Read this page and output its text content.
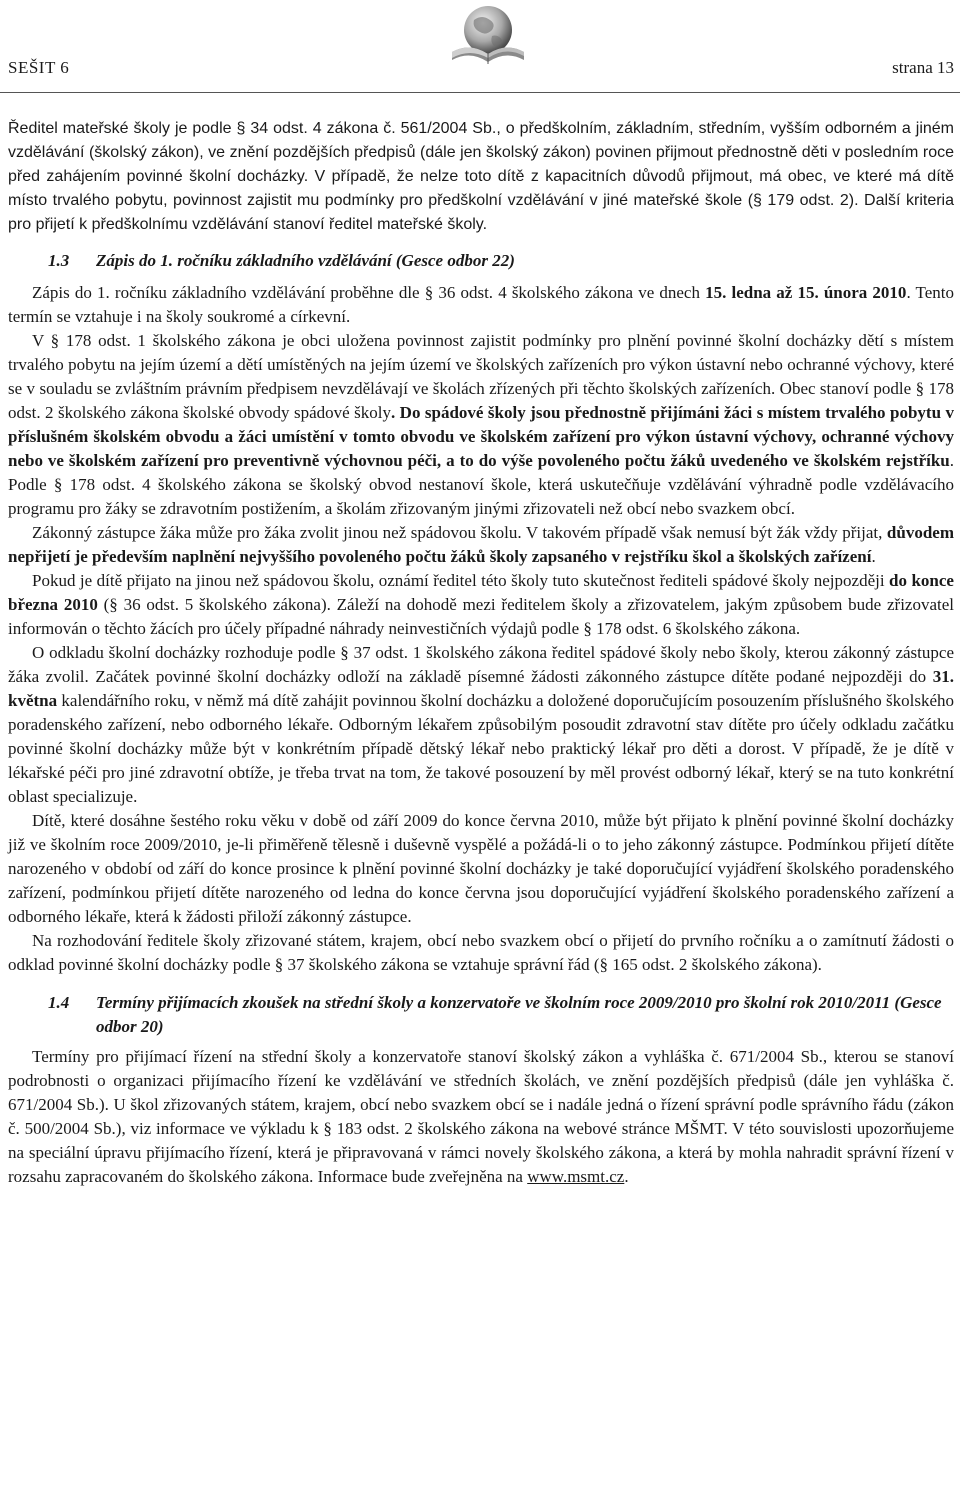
SEŠIT 6	strana 13

Ředitel mateřské školy je podle § 34 odst. 4 zákona č. 561/2004 Sb., o předškolním, základním, středním, vyšším odborném a jiném vzdělávání (školský zákon), ve znění pozdějších předpisů (dále jen školský zákon) povinen přijmout přednostně děti v posledním roce před zahájením povinné školní docházky. V případě, že nelze toto dítě z kapacitních důvodů přijmout, má obec, ve které má dítě místo trvalého pobytu, povinnost zajistit mu podmínky pro předškolní vzdělávání v jiné mateřské škole (§ 179 odst. 2). Další kriteria pro přijetí k předškolnímu vzdělávání stanoví ředitel mateřské školy.

1.3 Zápis do 1. ročníku základního vzdělávání (Gesce odbor 22)

Zápis do 1. ročníku základního vzdělávání proběhne dle § 36 odst. 4 školského zákona ve dnech 15. ledna až 15. února 2010. Tento termín se vztahuje i na školy soukromé a církevní.

V § 178 odst. 1 školského zákona je obci uložena povinnost zajistit podmínky pro plnění povinné školní docházky dětí s místem trvalého pobytu na jejím území a dětí umístěných na jejím území ve školských zařízeních pro výkon ústavní nebo ochranné výchovy, které se v souladu se zvláštním právním předpisem nevzdělávají ve školách zřízených při těchto školských zařízeních. Obec stanoví podle § 178 odst. 2 školského zákona školské obvody spádové školy. Do spádové školy jsou přednostně přijímáni žáci s místem trvalého pobytu v příslušném školském obvodu a žáci umístění v tomto obvodu ve školském zařízení pro výkon ústavní výchovy, ochranné výchovy nebo ve školském zařízení pro preventivně výchovnou péči, a to do výše povoleného počtu žáků uvedeného ve školském rejstříku. Podle § 178 odst. 4 školského zákona se školský obvod nestanoví škole, která uskutečňuje vzdělávání výhradně podle vzdělávacího programu pro žáky se zdravotním postižením, a školám zřizovaným jinými zřizovateli než obcí nebo svazkem obcí.

Zákonný zástupce žáka může pro žáka zvolit jinou než spádovou školu. V takovém případě však nemusí být žák vždy přijat, důvodem nepřijetí je především naplnění nejvyššího povoleného počtu žáků školy zapsaného v rejstříku škol a školských zařízení.

Pokud je dítě přijato na jinou než spádovou školu, oznámí ředitel této školy tuto skutečnost řediteli spádové školy nejpozději do konce března 2010 (§ 36 odst. 5 školského zákona). Záleží na dohodě mezi ředitelem školy a zřizovatelem, jakým způsobem bude zřizovatel informován o těchto žácích pro účely případné náhrady neinvestičních výdajů podle § 178 odst. 6 školského zákona.

O odkladu školní docházky rozhoduje podle § 37 odst. 1 školského zákona ředitel spádové školy nebo školy, kterou zákonný zástupce žáka zvolil. Začátek povinné školní docházky odloží na základě písemné žádosti zákonného zástupce dítěte podané nejpozději do 31. května kalendářního roku, v němž má dítě zahájit povinnou školní docházku a doložené doporučujícím posouzením příslušného školského poradenského zařízení, nebo odborného lékaře. Odborným lékařem způsobilým posoudit zdravotní stav dítěte pro účely odkladu začátku povinné školní docházky může být v konkrétním případě dětský lékař nebo praktický lékař pro děti a dorost. V případě, že je dítě v lékařské péči pro jiné zdravotní obtíže, je třeba trvat na tom, že takové posouzení by měl provést odborný lékař, který se na tuto konkrétní oblast specializuje.

Dítě, které dosáhne šestého roku věku v době od září 2009 do konce června 2010, může být přijato k plnění povinné školní docházky již ve školním roce 2009/2010, je-li přiměřeně tělesně i duševně vyspělé a požádá-li o to jeho zákonný zástupce. Podmínkou přijetí dítěte narozeného v období od září do konce prosince k plnění povinné školní docházky je také doporučující vyjádření školského poradenského zařízení, podmínkou přijetí dítěte narozeného od ledna do konce června jsou doporučující vyjádření školského poradenského zařízení a odborného lékaře, která k žádosti přiloží zákonný zástupce.

Na rozhodování ředitele školy zřizované státem, krajem, obcí nebo svazkem obcí o přijetí do prvního ročníku a o zamítnutí žádosti o odklad povinné školní docházky podle § 37 školského zákona se vztahuje správní řád (§ 165 odst. 2 školského zákona).

1.4	Termíny přijímacích zkoušek na střední školy a konzervatoře ve školním roce 2009/2010 pro školní rok 2010/2011 (Gesce odbor 20)

Termíny pro přijímací řízení na střední školy a konzervatoře stanoví školský zákon a vyhláška č. 671/2004 Sb., kterou se stanoví podrobnosti o organizaci přijímacího řízení ke vzdělávání ve středních školách, ve znění pozdějších předpisů (dále jen vyhláška č. 671/2004 Sb.). U škol zřizovaných státem, krajem, obcí nebo svazkem obcí se i nadále jedná o řízení správní podle správního řádu (zákon č. 500/2004 Sb.), viz informace ve výkladu k § 183 odst. 2 školského zákona na webové stránce MŠMT. V této souvislosti upozorňujeme na speciální úpravu přijímacího řízení, která je připravovaná v rámci novely školského zákona, a která by mohla nahradit správní řízení v rozsahu zapracovaném do školského zákona. Informace bude zveřejněna na www.msmt.cz.
